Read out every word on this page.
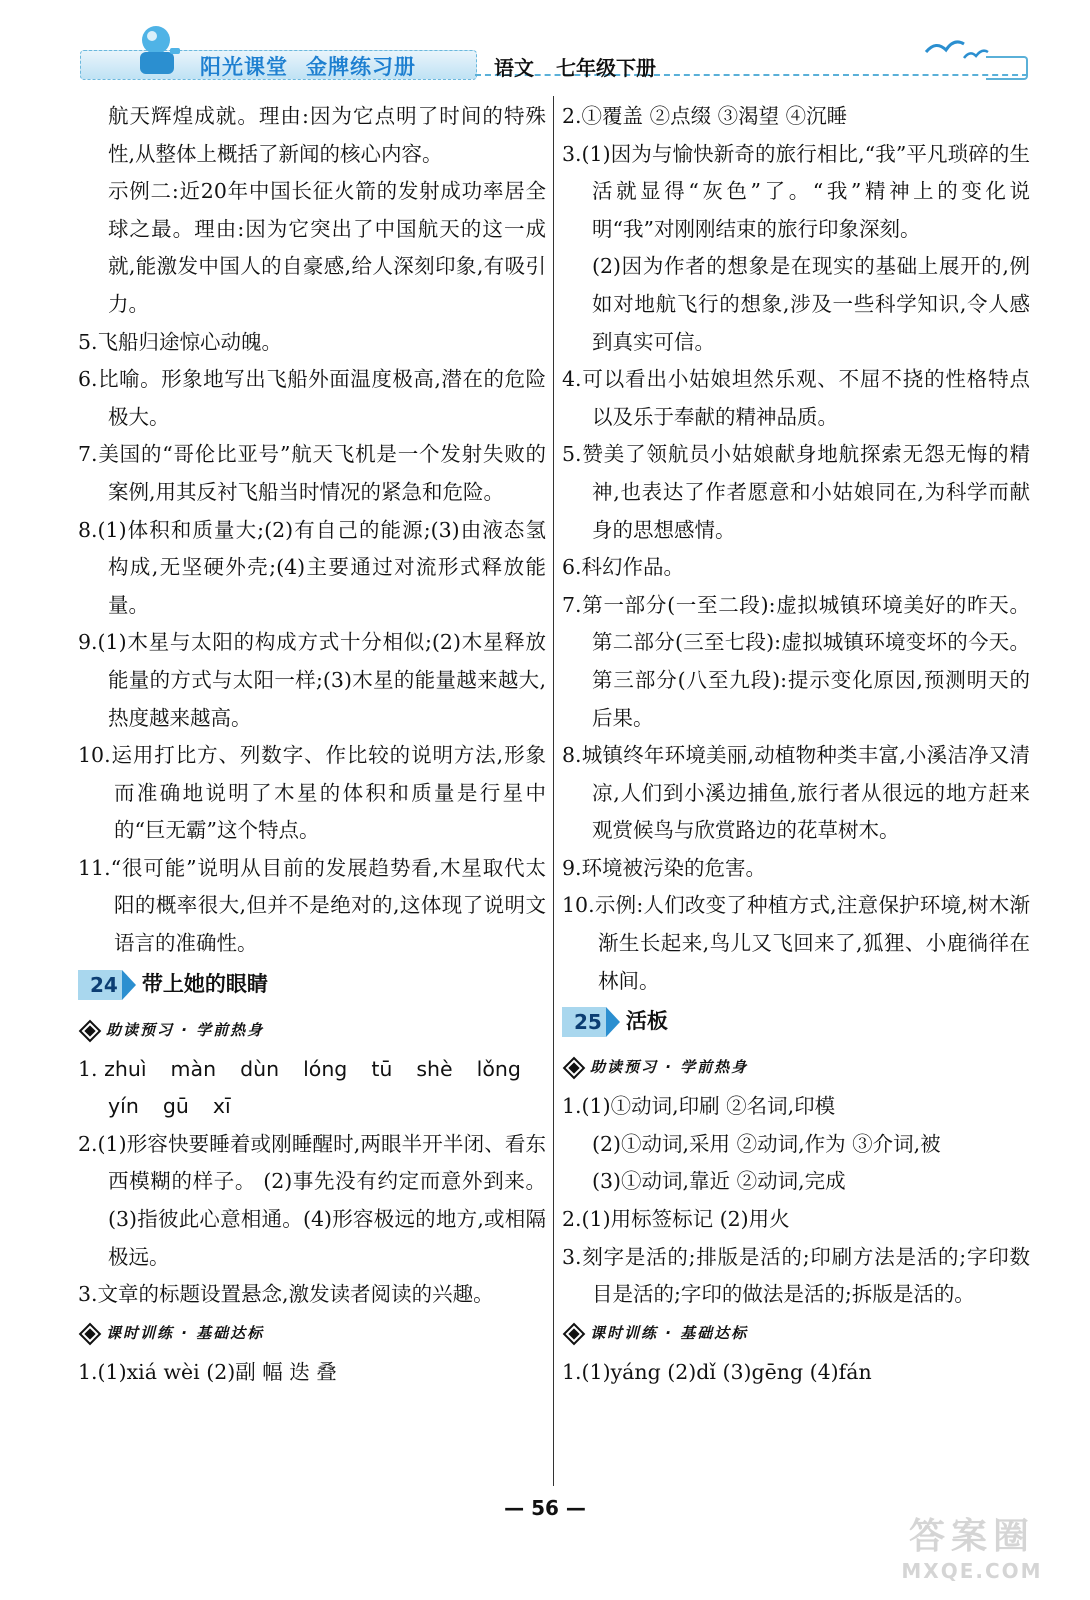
阳光课堂 金牌练习册	语文 七年级下册

航天辉煌成就。理由:因为它点明了时间的特殊性,从整体上概括了新闻的核心内容。

示例二:近20年中国长征火箭的发射成功率居全球之最。理由:因为它突出了中国航天的这一成就,能激发中国人的自豪感,给人深刻印象,有吸引力。

5.飞船归途惊心动魄。

6.比喻。形象地写出飞船外面温度极高,潜在的危险极大。

7.美国的“哥伦比亚号”航天飞机是一个发射失败的案例,用其反衬飞船当时情况的紧急和危险。

8.(1)体积和质量大;(2)有自己的能源;(3)由液态氢构成,无坚硬外壳;(4)主要通过对流形式释放能量。

9.(1)木星与太阳的构成方式十分相似;(2)木星释放能量的方式与太阳一样;(3)木星的能量越来越大,热度越来越高。

10.运用打比方、列数字、作比较的说明方法,形象而准确地说明了木星的体积和质量是行星中的“巨无霸”这个特点。

11.“很可能”说明从目前的发展趋势看,木星取代太阳的概率很大,但并不是绝对的,这体现了说明文语言的准确性。

24 带上她的眼睛
助读预习 · 学前热身
1. zhuì màn dùn lóng tū shè lǒng
yín gū xī

2.(1)形容快要睡着或刚睡醒时,两眼半开半闭、看东西模糊的样子。 (2)事先没有约定而意外到来。 (3)指彼此心意相通。(4)形容极远的地方,或相隔极远。

3.文章的标题设置悬念,激发读者阅读的兴趣。

课时训练 · 基础达标

1.(1)xiá wèi (2)副 幅 迭 叠

2.①覆盖 ②点缀 ③渴望 ④沉睡

3.(1)因为与愉快新奇的旅行相比,“我”平凡琐碎的生活就显得“灰色”了。“我”精神上的变化说明“我”对刚刚结束的旅行印象深刻。

(2)因为作者的想象是在现实的基础上展开的,例如对地航飞行的想象,涉及一些科学知识,令人感到真实可信。

4.可以看出小姑娘坦然乐观、不屈不挠的性格特点以及乐于奉献的精神品质。

5.赞美了领航员小姑娘献身地航探索无怨无悔的精神,也表达了作者愿意和小姑娘同在,为科学而献身的思想感情。

6.科幻作品。

7.第一部分(一至二段):虚拟城镇环境美好的昨天。第二部分(三至七段):虚拟城镇环境变坏的今天。第三部分(八至九段):提示变化原因,预测明天的后果。

8.城镇终年环境美丽,动植物种类丰富,小溪洁净又清凉,人们到小溪边捕鱼,旅行者从很远的地方赶来观赏候鸟与欣赏路边的花草树木。

9.环境被污染的危害。

10.示例:人们改变了种植方式,注意保护环境,树木渐渐生长起来,鸟儿又飞回来了,狐狸、小鹿徜徉在林间。

25 活板
助读预习 · 学前热身

1.(1)①动词,印刷 ②名词,印模

(2)①动词,采用 ②动词,作为 ③介词,被

(3)①动词,靠近 ②动词,完成

2.(1)用标签标记 (2)用火

3.刻字是活的;排版是活的;印刷方法是活的;字印数目是活的;字印的做法是活的;拆版是活的。

课时训练 · 基础达标

1.(1)yáng (2)dǐ (3)gēng (4)fán

— 56 —
答案圈
MXQE.COM
